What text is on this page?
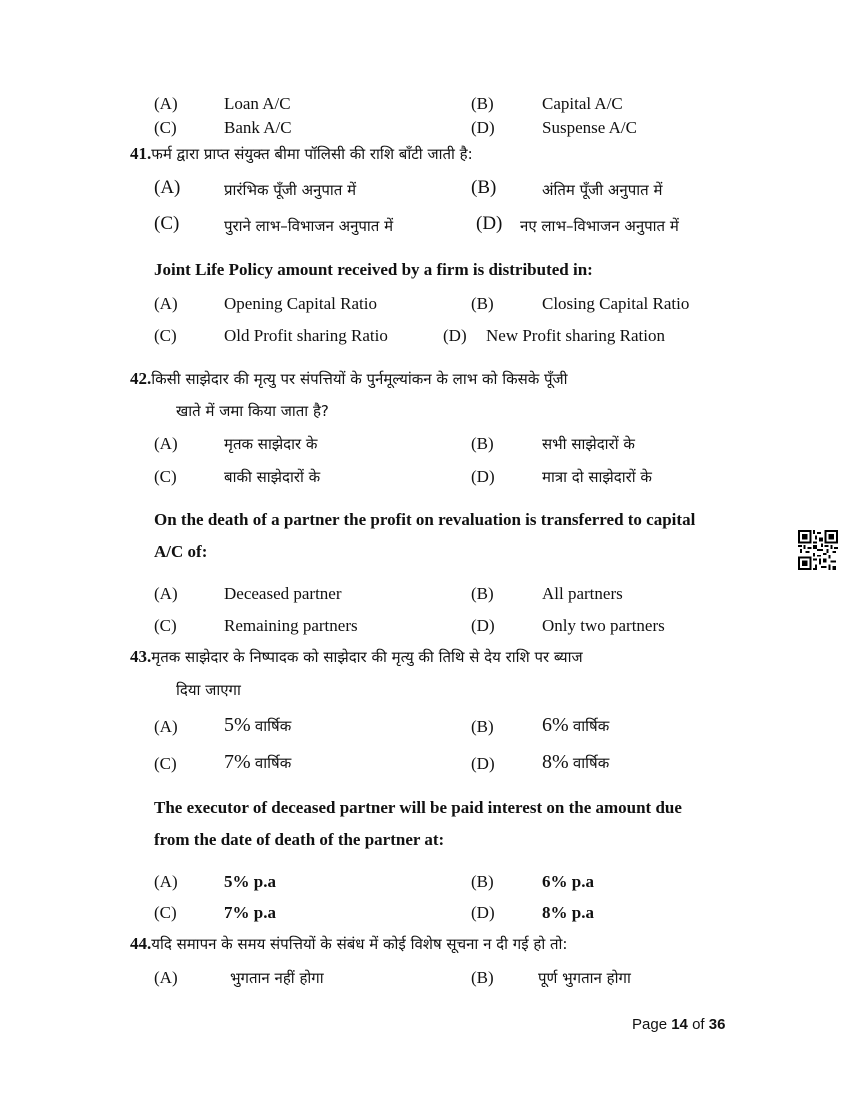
(A)	Loan A/C	(B)	Capital A/C
(C)	Bank A/C	(D)	Suspense A/C
41.फर्म द्वारा प्राप्त संयुक्त बीमा पॉलिसी की राशि बाँटी जाती है:
(A)	प्रारंभिक पूँजी अनुपात में	(B)	अंतिम पूँजी अनुपात में
(C)	पुराने लाभ–विभाजन अनुपात में	(D) नए लाभ–विभाजन अनुपात में
Joint Life Policy amount received by a firm is distributed in:
(A)	Opening Capital Ratio	(B)	Closing Capital Ratio
(C)	Old Profit sharing Ratio	(D) New Profit sharing Ration
42.किसी साझेदार की मृत्यु पर संपत्तियों के पुर्नमूल्यांकन के लाभ को किसके पूँजी
खाते में जमा किया जाता है?
(A)	मृतक साझेदार के	(B)	सभी साझेदारों के
(C)	बाकी साझेदारों के	(D)	मात्रा दो साझेदारों के
On the death of a partner the profit on revaluation is transferred to capital
A/C of:
(A)	Deceased partner	(B)	All partners
(C)	Remaining partners	(D)	Only two partners
43.मृतक साझेदार के निष्पादक को साझेदार की मृत्यु की तिथि से देय राशि पर ब्याज
दिया जाएगा
(A) 5% वार्षिक	(B) 6% वार्षिक
(C) 7% वार्षिक	(D) 8% वार्षिक
The executor of deceased partner will be paid interest on the amount due
from the date of death of the partner at:
(A)	5% p.a	(B)	6% p.a
(C)	7% p.a	(D)	8% p.a
44.यदि समापन के समय संपत्तियों के संबंध में कोई विशेष सूचना न दी गई हो तो:
(A)	भुगतान नहीं होगा	(B)	पूर्ण भुगतान होगा
Page 14 of 36
